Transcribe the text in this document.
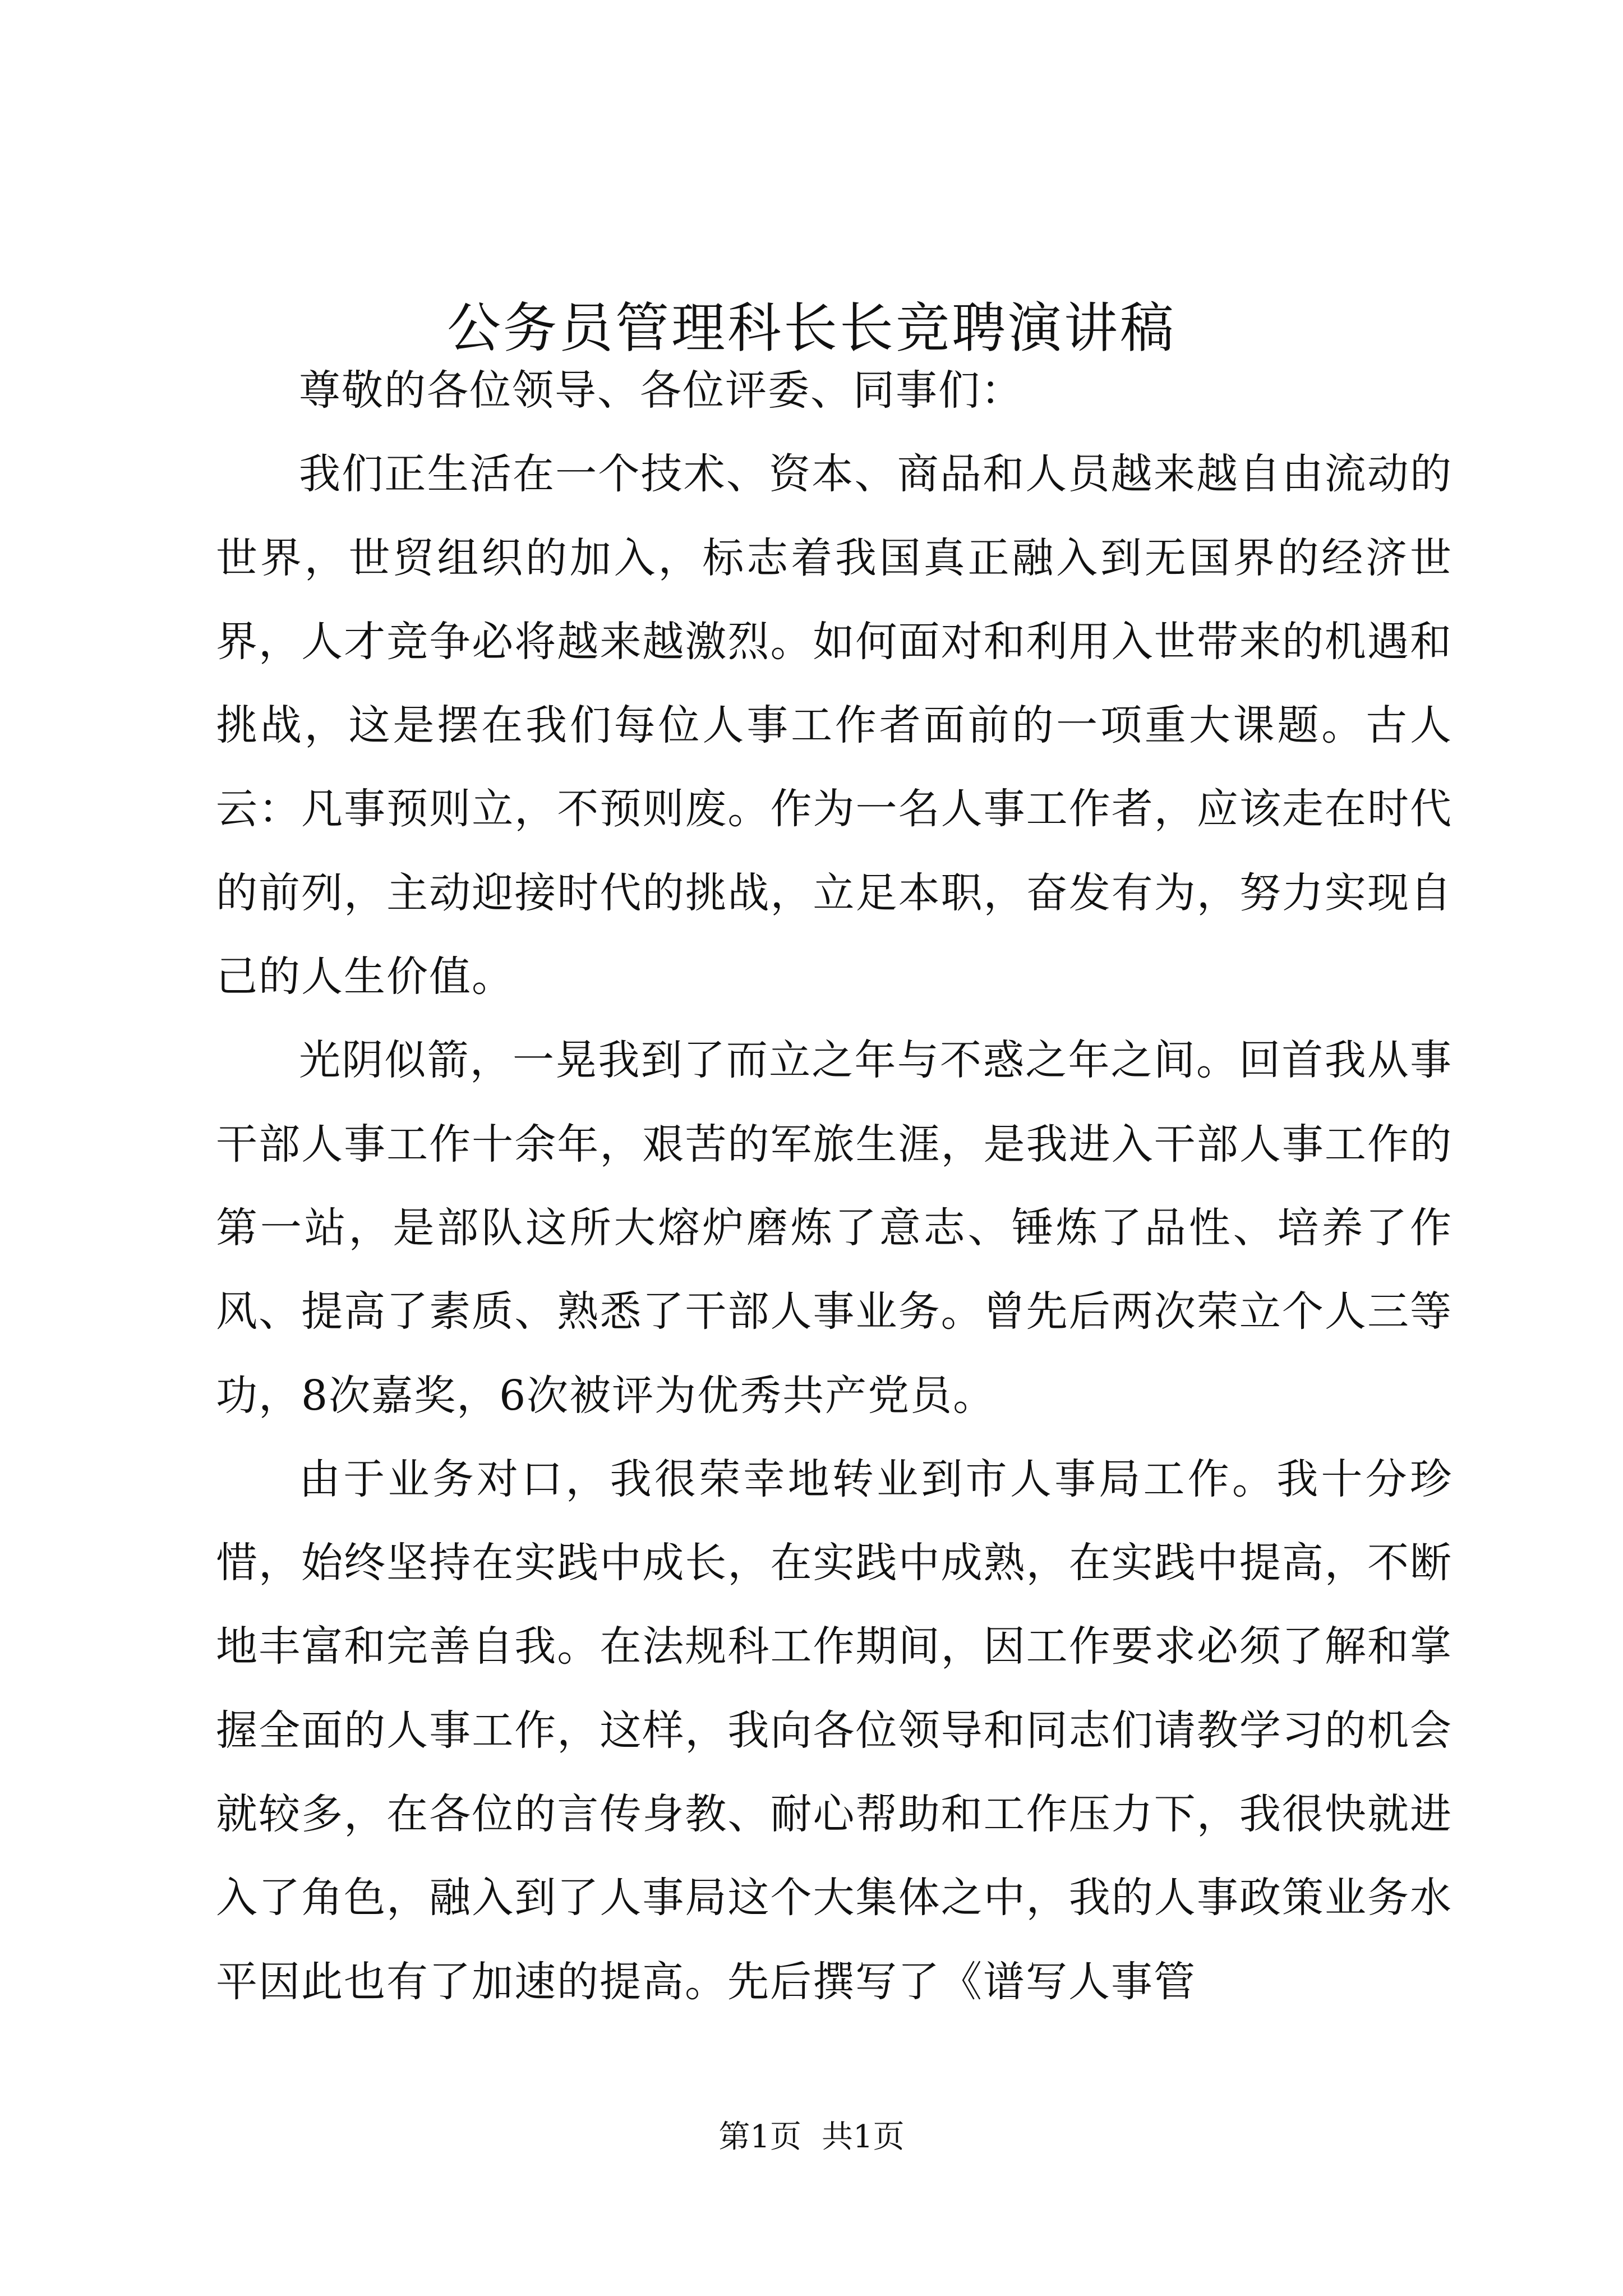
公务员管理科长长竞聘演讲稿

尊敬的各位领导、各位评委、同事们：

我们正生活在一个技术、资本、商品和人员越来越自由流动的世界，世贸组织的加入，标志着我国真正融入到无国界的经济世界，人才竞争必将越来越激烈。如何面对和利用入世带来的机遇和挑战，这是摆在我们每位人事工作者面前的一项重大课题。古人云：凡事预则立，不预则废。作为一名人事工作者，应该走在时代的前列，主动迎接时代的挑战，立足本职，奋发有为，努力实现自己的人生价值。

光阴似箭，一晃我到了而立之年与不惑之年之间。回首我从事干部人事工作十余年，艰苦的军旅生涯，是我进入干部人事工作的第一站，是部队这所大熔炉磨炼了意志、锤炼了品性、培养了作风、提高了素质、熟悉了干部人事业务。曾先后两次荣立个人三等功，8次嘉奖，6次被评为优秀共产党员。

由于业务对口，我很荣幸地转业到市人事局工作。我十分珍惜，始终坚持在实践中成长，在实践中成熟，在实践中提高，不断地丰富和完善自我。在法规科工作期间，因工作要求必须了解和掌握全面的人事工作，这样，我向各位领导和同志们请教学习的机会就较多，在各位的言传身教、耐心帮助和工作压力下，我很快就进入了角色，融入到了人事局这个大集体之中，我的人事政策业务水平因此也有了加速的提高。先后撰写了《谱写人事管

第1页 共1页
